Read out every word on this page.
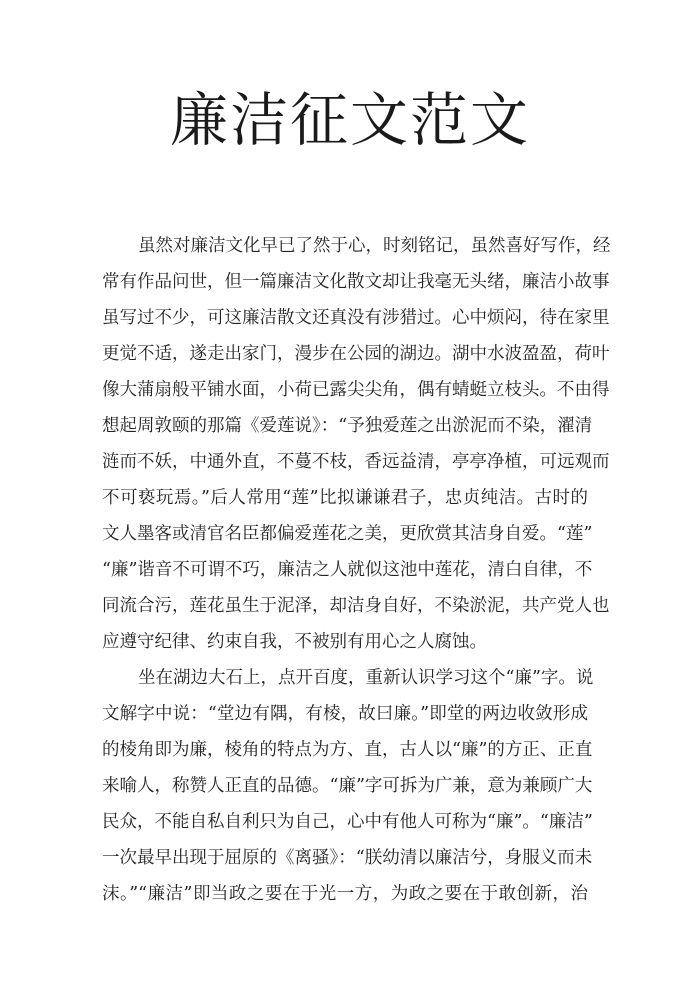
廉洁征文范文
虽然对廉洁文化早已了然于心，时刻铭记，虽然喜好写作，经
常有作品问世，但一篇廉洁文化散文却让我毫无头绪，廉洁小故事
虽写过不少，可这廉洁散文还真没有涉猎过。心中烦闷，待在家里
更觉不适，遂走出家门，漫步在公园的湖边。湖中水波盈盈，荷叶
像大蒲扇般平铺水面，小荷已露尖尖角，偶有蜻蜓立枝头。不由得
想起周敦颐的那篇《爱莲说》：“予独爱莲之出淤泥而不染，濯清
涟而不妖，中通外直，不蔓不枝，香远益清，亭亭净植，可远观而
不可亵玩焉。”后人常用“莲”比拟谦谦君子，忠贞纯洁。古时的
文人墨客或清官名臣都偏爱莲花之美，更欣赏其洁身自爱。“莲”
“廉”谐音不可谓不巧，廉洁之人就似这池中莲花，清白自律，不
同流合污，莲花虽生于泥泽，却洁身自好，不染淤泥，共产党人也
应遵守纪律、约束自我，不被别有用心之人腐蚀。
坐在湖边大石上，点开百度，重新认识学习这个“廉”字。说
文解字中说：“堂边有隅，有棱，故曰廉。”即堂的两边收敛形成
的棱角即为廉，棱角的特点为方、直，古人以“廉”的方正、正直
来喻人，称赞人正直的品德。“廉”字可拆为广兼，意为兼顾广大
民众，不能自私自利只为自己，心中有他人可称为“廉”。“廉洁”
一次最早出现于屈原的《离骚》：“朕幼清以廉洁兮，身服义而未
沫。”“廉洁”即当政之要在于光一方，为政之要在于敢创新，治
